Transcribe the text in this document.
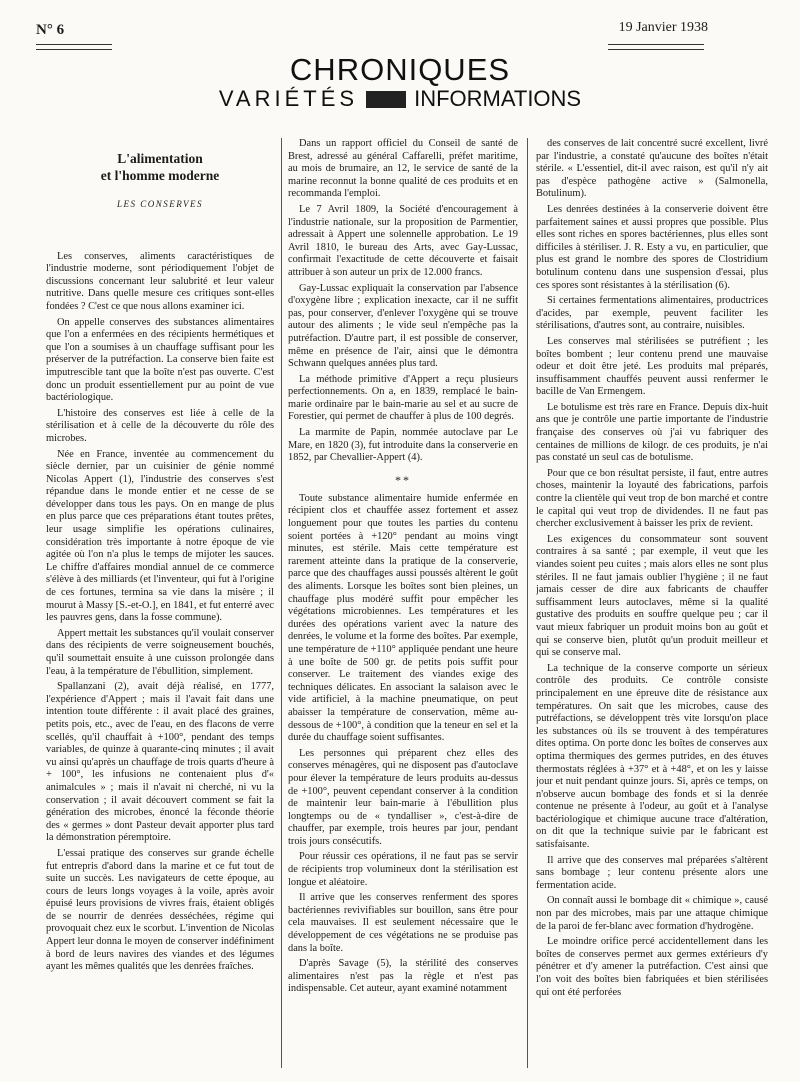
N° 6	19 Janvier 1938
CHRONIQUES
VARIÉTÉS	INFORMATIONS
L'alimentation
et l'homme moderne
LES CONSERVES

Les conserves, aliments caractéristiques de l'industrie moderne, sont périodiquement l'objet de discussions concernant leur salubrité et leur valeur nutritive. Dans quelle mesure ces critiques sont-elles fondées ? C'est ce que nous allons examiner ici.

On appelle conserves des substances alimentaires que l'on a enfermées en des récipients hermétiques et que l'on a soumises à un chauffage suffisant pour les préserver de la putréfaction. La conserve bien faite est imputrescible tant que la boîte n'est pas ouverte. C'est donc un produit essentiellement pur au point de vue bactériologique.

L'histoire des conserves est liée à celle de la stérilisation et à celle de la découverte du rôle des microbes.

Née en France, inventée au commencement du siècle dernier, par un cuisinier de génie nommé Nicolas Appert (1), l'industrie des conserves s'est répandue dans le monde entier et ne cesse de se développer dans tous les pays. On en mange de plus en plus parce que ces préparations étant toutes prêtes, leur usage simplifie les opérations culinaires, considération très importante à notre époque de vie agitée où l'on n'a plus le temps de mijoter les sauces. Le chiffre d'affaires mondial annuel de ce commerce s'élève à des milliards (et l'inventeur, qui fut à l'origine de ces fortunes, termina sa vie dans la misère ; il mourut à Massy [S.-et-O.], en 1841, et fut enterré avec les pauvres gens, dans la fosse commune).

Appert mettait les substances qu'il voulait conserver dans des récipients de verre soigneusement bouchés, qu'il soumettait ensuite à une cuisson prolongée dans l'eau, à la température de l'ébullition, simplement.

Spallanzani (2), avait déjà réalisé, en 1777, l'expérience d'Appert ; mais il l'avait fait dans une intention toute différente : il avait placé des graines, petits pois, etc., avec de l'eau, en des flacons de verre scellés, qu'il chauffait à +100°, pendant des temps variables, de quinze à quarante-cinq minutes ; il avait vu ainsi qu'après un chauffage de trois quarts d'heure à + 100°, les infusions ne contenaient plus d'« animalcules » ; mais il n'avait ni cherché, ni vu la conservation ; il avait découvert comment se fait la génération des microbes, énoncé la féconde théorie des « germes » dont Pasteur devait apporter plus tard la démonstration péremptoire.

L'essai pratique des conserves sur grande échelle fut entrepris d'abord dans la marine et ce fut tout de suite un succès. Les navigateurs de cette époque, au cours de leurs longs voyages à la voile, après avoir épuisé leurs provisions de vivres frais, étaient obligés de se nourrir de denrées desséchées, régime qui provoquait chez eux le scorbut. L'invention de Nicolas Appert leur donna le moyen de conserver indéfiniment à bord de leurs navires des viandes et des légumes ayant les mêmes qualités que les denrées fraîches.

Dans un rapport officiel du Conseil de santé de Brest, adressé au général Caffarelli, préfet maritime, au mois de brumaire, an 12, le service de santé de la marine reconnut la bonne qualité de ces produits et en recommanda l'emploi.

Le 7 Avril 1809, la Société d'encouragement à l'industrie nationale, sur la proposition de Parmentier, adressait à Appert une solennelle approbation. Le 19 Avril 1810, le bureau des Arts, avec Gay-Lussac, confirmait l'exactitude de cette découverte et faisait attribuer à son auteur un prix de 12.000 francs.

Gay-Lussac expliquait la conservation par l'absence d'oxygène libre ; explication inexacte, car il ne suffit pas, pour conserver, d'enlever l'oxygène qui se trouve autour des aliments ; le vide seul n'empêche pas la putréfaction. D'autre part, il est possible de conserver, même en présence de l'air, ainsi que le démontra Schwann quelques années plus tard.

La méthode primitive d'Appert a reçu plusieurs perfectionnements. On a, en 1839, remplacé le bain-marie ordinaire par le bain-marie au sel et au sucre de Forestier, qui permet de chauffer à plus de 100 degrés.

La marmite de Papin, nommée autoclave par Le Mare, en 1820 (3), fut introduite dans la conserverie en 1852, par Chevallier-Appert (4).

**

Toute substance alimentaire humide enfermée en récipient clos et chauffée assez fortement et assez longuement pour que toutes les parties du contenu soient portées à +120° pendant au moins vingt minutes, est stérile. Mais cette température est rarement atteinte dans la pratique de la conserverie, parce que des chauffages aussi poussés altèrent le goût des aliments. Lorsque les boîtes sont bien pleines, un chauffage plus modéré suffit pour empêcher les végétations microbiennes. Les températures et les durées des opérations varient avec la nature des denrées, le volume et la forme des boîtes. Par exemple, une température de +110° appliquée pendant une heure à une boîte de 500 gr. de petits pois suffit pour conserver. Le traitement des viandes exige des techniques délicates. En associant la salaison avec le vide artificiel, à la machine pneumatique, on peut abaisser la température de conservation, même au-dessous de +100°, à condition que la teneur en sel et la durée du chauffage soient suffisantes.

Les personnes qui préparent chez elles des conserves ménagères, qui ne disposent pas d'autoclave pour élever la température de leurs produits au-dessus de +100°, peuvent cependant conserver à la condition de maintenir leur bain-marie à l'ébullition plus longtemps ou de « tyndalliser », c'est-à-dire de chauffer, par exemple, trois heures par jour, pendant trois jours consécutifs.

Pour réussir ces opérations, il ne faut pas se servir de récipients trop volumineux dont la stérilisation est longue et aléatoire.

Il arrive que les conserves renferment des spores bactériennes revivifiables sur bouillon, sans être pour cela mauvaises. Il est seulement nécessaire que le développement de ces végétations ne se produise pas dans la boîte.

D'après Savage (5), la stérilité des conserves alimentaires n'est pas la règle et n'est pas indispensable. Cet auteur, ayant examiné notamment

des conserves de lait concentré sucré excellent, livré par l'industrie, a constaté qu'aucune des boîtes n'était stérile. « L'essentiel, dit-il avec raison, est qu'il n'y ait pas d'espèce pathogène active » (Salmonella, Botulinum).

Les denrées destinées à la conserverie doivent être parfaitement saines et aussi propres que possible. Plus elles sont riches en spores bactériennes, plus elles sont difficiles à stériliser. J. R. Esty a vu, en particulier, que plus est grand le nombre des spores de Clostridium botulinum contenu dans une suspension d'essai, plus ces spores sont résistantes à la stérilisation (6).

Si certaines fermentations alimentaires, productrices d'acides, par exemple, peuvent faciliter les stérilisations, d'autres sont, au contraire, nuisibles.

Les conserves mal stérilisées se putréfient ; les boîtes bombent ; leur contenu prend une mauvaise odeur et doit être jeté. Les produits mal préparés, insuffisamment chauffés peuvent aussi renfermer le bacille de Van Ermengem.

Le botulisme est très rare en France. Depuis dix-huit ans que je contrôle une partie importante de l'industrie française des conserves où j'ai vu fabriquer des centaines de millions de kilogr. de ces produits, je n'ai pas constaté un seul cas de botulisme.

Pour que ce bon résultat persiste, il faut, entre autres choses, maintenir la loyauté des fabrications, parfois contre la clientèle qui veut trop de bon marché et contre le capital qui veut trop de dividendes. Il ne faut pas chercher exclusivement à baisser les prix de revient.

Les exigences du consommateur sont souvent contraires à sa santé ; par exemple, il veut que les viandes soient peu cuites ; mais alors elles ne sont plus stériles. Il ne faut jamais oublier l'hygiène ; il ne faut jamais cesser de dire aux fabricants de chauffer suffisamment leurs autoclaves, même si la qualité gustative des produits en souffre quelque peu ; car il vaut mieux fabriquer un produit moins bon au goût et qui se conserve bien, plutôt qu'un produit meilleur et qui se conserve mal.

La technique de la conserve comporte un sérieux contrôle des produits. Ce contrôle consiste principalement en une épreuve dite de résistance aux températures. On sait que les microbes, cause des putréfactions, se développent très vite lorsqu'on place les substances où ils se trouvent à des températures dites optima. On porte donc les boîtes de conserves aux optima thermiques des germes putrides, en des étuves thermostats réglées à +37° et à +48°, et on les y laisse jour et nuit pendant quinze jours. Si, après ce temps, on n'observe aucun bombage des fonds et si la denrée contenue ne présente à l'odeur, au goût et à l'analyse bactériologique et chimique aucune trace d'altération, on dit que la technique suivie par le fabricant est satisfaisante.

Il arrive que des conserves mal préparées s'altèrent sans bombage ; leur contenu présente alors une fermentation acide.

On connaît aussi le bombage dit « chimique », causé non par des microbes, mais par une attaque chimique de la paroi de fer-blanc avec formation d'hydrogène.

Le moindre orifice percé accidentellement dans les boîtes de conserves permet aux germes extérieurs d'y pénétrer et d'y amener la putréfaction. C'est ainsi que l'on voit des boîtes bien fabriquées et bien stérilisées qui ont été perforées
